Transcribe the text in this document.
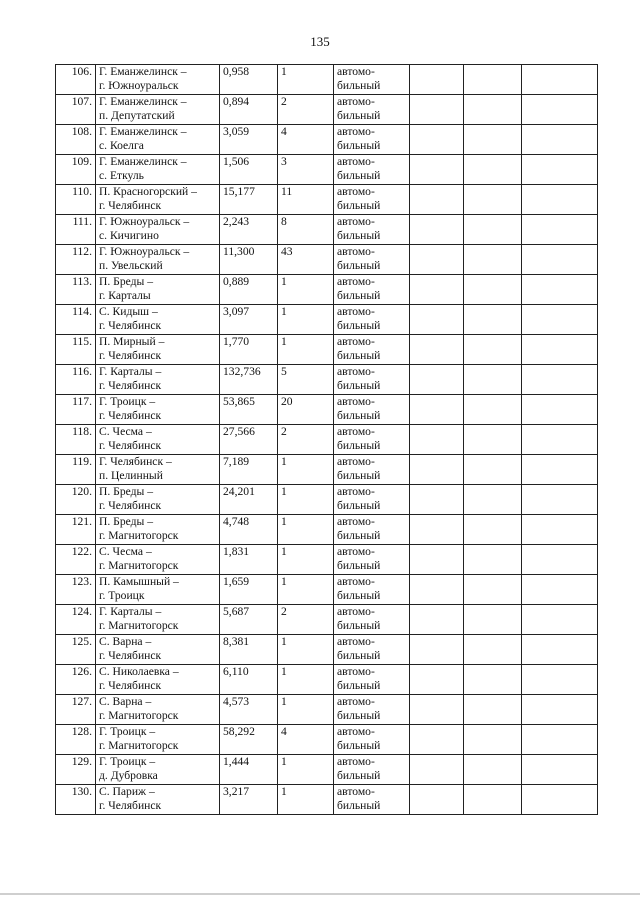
135
106.	Г. Еманжелинск –
г. Южноуральск	0,958	1	автомо-
бильный			

107.	Г. Еманжелинск –
п. Депутатский	0,894	2	автомо-
бильный			

108.	Г. Еманжелинск –
с. Коелга	3,059	4	автомо-
бильный			

109.	Г. Еманжелинск –
с. Еткуль	1,506	3	автомо-
бильный			

110.	П. Красногорский –
г. Челябинск	15,177	11	автомо-
бильный			

111.	Г. Южноуральск –
с. Кичигино	2,243	8	автомо-
бильный			

112.	Г. Южноуральск –
п. Увельский	11,300	43	автомо-
бильный			

113.	П. Бреды –
г. Карталы	0,889	1	автомо-
бильный			

114.	С. Кидыш –
г. Челябинск	3,097	1	автомо-
бильный			

115.	П. Мирный –
г. Челябинск	1,770	1	автомо-
бильный			

116.	Г. Карталы –
г. Челябинск	132,736	5	автомо-
бильный			

117.	Г. Троицк –
г. Челябинск	53,865	20	автомо-
бильный			

118.	С. Чесма –
г. Челябинск	27,566	2	автомо-
бильный			

119.	Г. Челябинск –
п. Целинный	7,189	1	автомо-
бильный			

120.	П. Бреды –
г. Челябинск	24,201	1	автомо-
бильный			

121.	П. Бреды –
г. Магнитогорск	4,748	1	автомо-
бильный			

122.	С. Чесма –
г. Магнитогорск	1,831	1	автомо-
бильный			

123.	П. Камышный –
г. Троицк	1,659	1	автомо-
бильный			

124.	Г. Карталы –
г. Магнитогорск	5,687	2	автомо-
бильный			

125.	С. Варна –
г. Челябинск	8,381	1	автомо-
бильный			

126.	С. Николаевка –
г. Челябинск	6,110	1	автомо-
бильный			

127.	С. Варна –
г. Магнитогорск	4,573	1	автомо-
бильный			

128.	Г. Троицк –
г. Магнитогорск	58,292	4	автомо-
бильный			

129.	Г. Троицк –
д. Дубровка	1,444	1	автомо-
бильный			

130.	С. Париж –
г. Челябинск	3,217	1	автомо-
бильный			
